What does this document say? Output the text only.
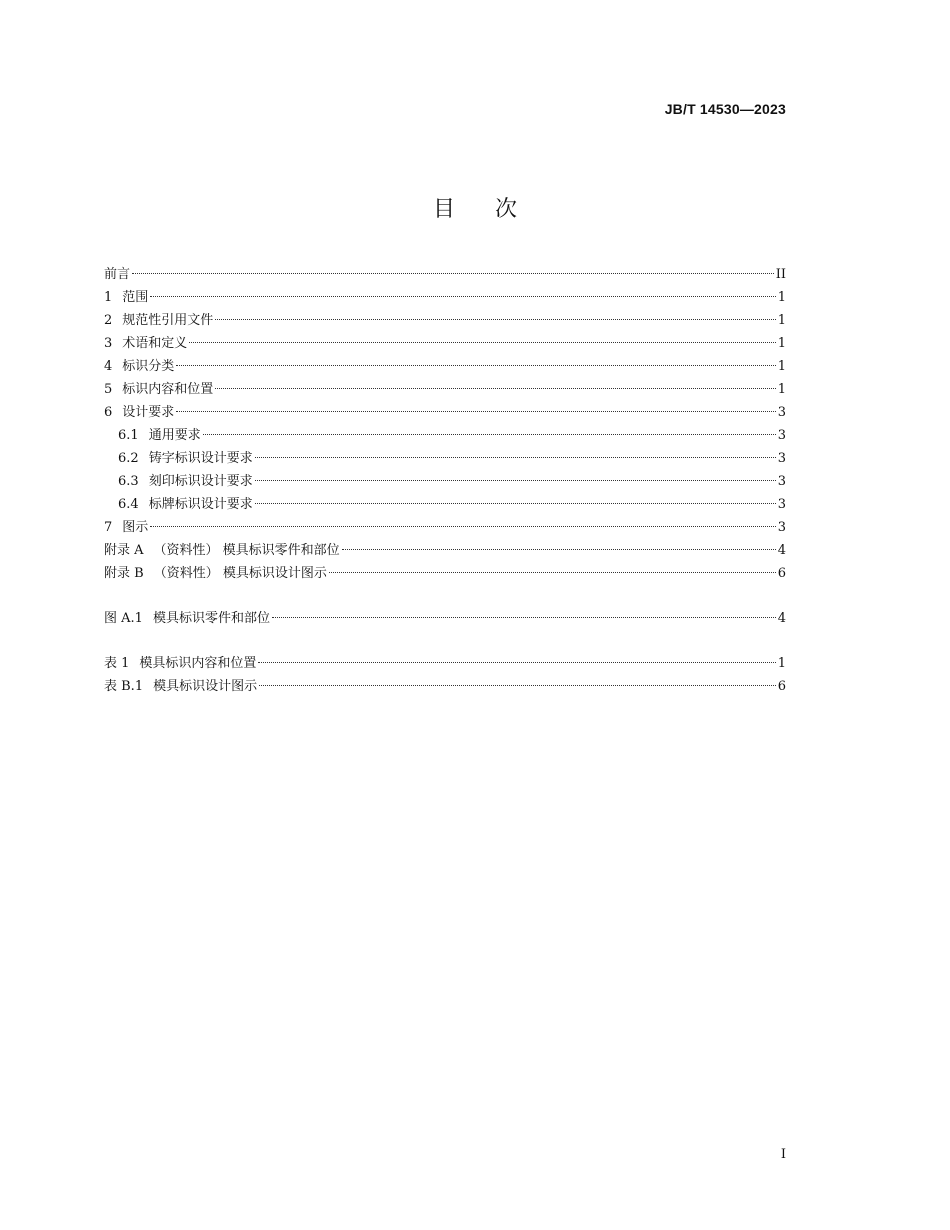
JB/T 14530—2023
目 次
前言	II
1 范围	1
2 规范性引用文件	1
3 术语和定义	1
4 标识分类	1
5 标识内容和位置	1
6 设计要求	3
6.1 通用要求	3
6.2 铸字标识设计要求	3
6.3 刻印标识设计要求	3
6.4 标牌标识设计要求	3
7 图示	3
附录 A （资料性） 模具标识零件和部位	4
附录 B （资料性） 模具标识设计图示	6
图 A.1 模具标识零件和部位	4
表 1 模具标识内容和位置	1
表 B.1 模具标识设计图示	6
I
